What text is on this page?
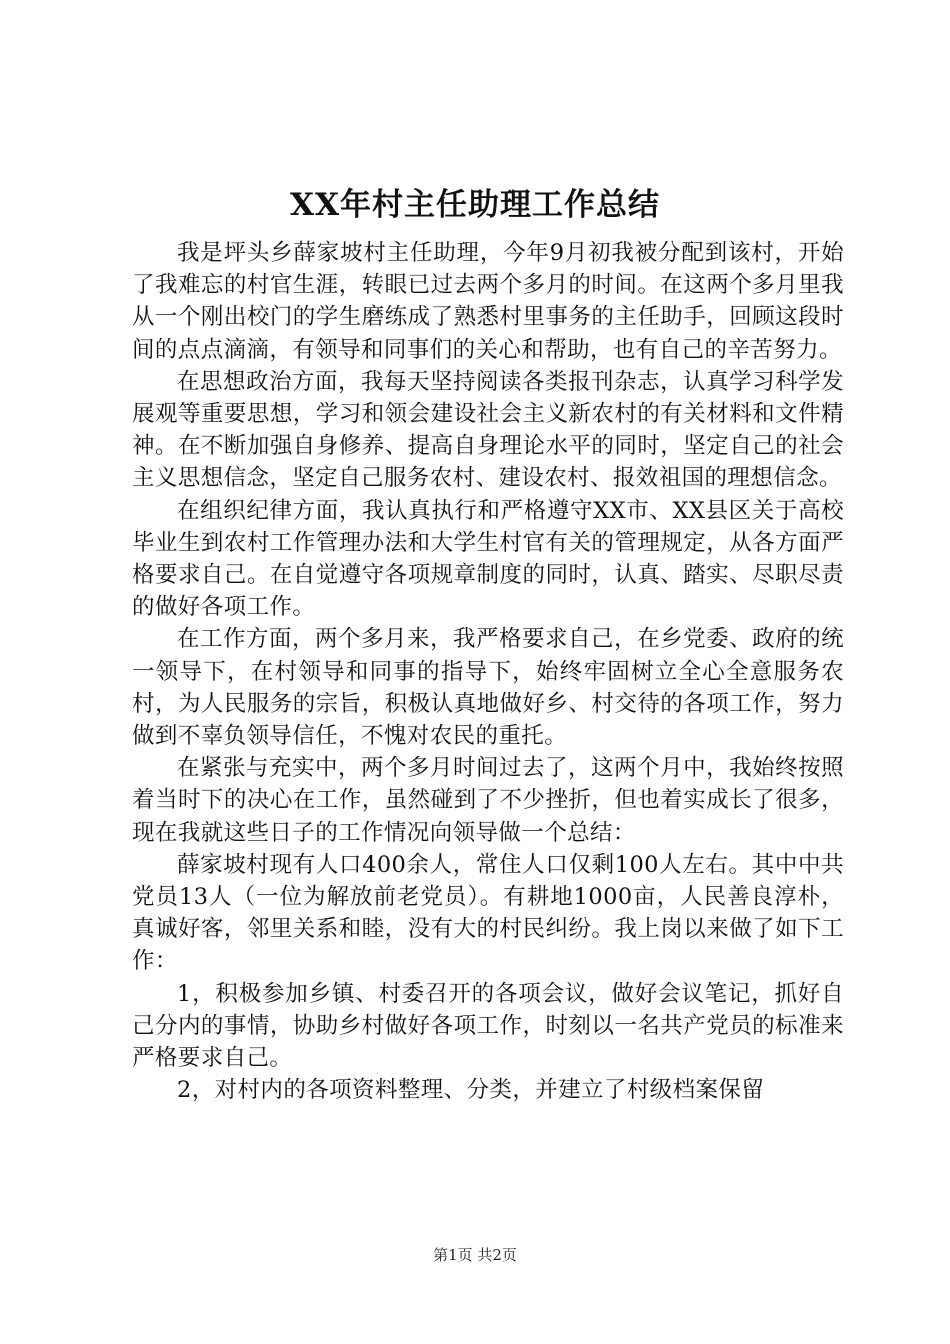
XX年村主任助理工作总结

我是坪头乡薛家坡村主任助理，今年9月初我被分配到该村，开始了我难忘的村官生涯，转眼已过去两个多月的时间。在这两个多月里我从一个刚出校门的学生磨练成了熟悉村里事务的主任助手，回顾这段时间的点点滴滴，有领导和同事们的关心和帮助，也有自己的辛苦努力。

在思想政治方面，我每天坚持阅读各类报刊杂志，认真学习科学发展观等重要思想，学习和领会建设社会主义新农村的有关材料和文件精神。在不断加强自身修养、提高自身理论水平的同时，坚定自己的社会主义思想信念，坚定自己服务农村、建设农村、报效祖国的理想信念。

在组织纪律方面，我认真执行和严格遵守XX市、XX县区关于高校毕业生到农村工作管理办法和大学生村官有关的管理规定，从各方面严格要求自己。在自觉遵守各项规章制度的同时，认真、踏实、尽职尽责的做好各项工作。

在工作方面，两个多月来，我严格要求自己，在乡党委、政府的统一领导下，在村领导和同事的指导下，始终牢固树立全心全意服务农村，为人民服务的宗旨，积极认真地做好乡、村交待的各项工作，努力做到不辜负领导信任，不愧对农民的重托。

在紧张与充实中，两个多月时间过去了，这两个月中，我始终按照着当时下的决心在工作，虽然碰到了不少挫折，但也着实成长了很多，现在我就这些日子的工作情况向领导做一个总结：

薛家坡村现有人口400余人，常住人口仅剩100人左右。其中中共党员13人（一位为解放前老党员）。有耕地1000亩，人民善良淳朴，真诚好客，邻里关系和睦，没有大的村民纠纷。我上岗以来做了如下工作：

1，积极参加乡镇、村委召开的各项会议，做好会议笔记，抓好自己分内的事情，协助乡村做好各项工作，时刻以一名共产党员的标准来严格要求自己。

2，对村内的各项资料整理、分类，并建立了村级档案保留

第1页 共2页
